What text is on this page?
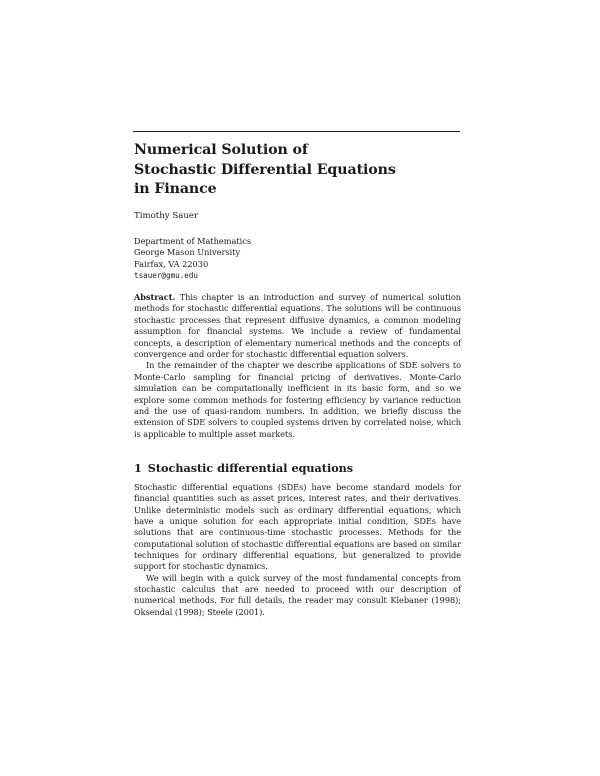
Numerical Solution of
Stochastic Differential Equations
in Finance
Timothy Sauer
Department of Mathematics
George Mason University
Fairfax, VA 22030
tsauer@gmu.edu

Abstract. This chapter is an introduction and survey of numerical solution methods for stochastic differential equations. The solutions will be continuous stochastic processes that represent diffusive dynamics, a common modeling assumption for financial systems. We include a review of fundamental concepts, a description of elementary numerical methods and the concepts of convergence and order for stochastic differential equation solvers.

In the remainder of the chapter we describe applications of SDE solvers to Monte-Carlo sampling for financial pricing of derivatives. Monte-Carlo simulation can be computationally inefficient in its basic form, and so we explore some common methods for fostering efficiency by variance reduction and the use of quasi-random numbers. In addition, we briefly discuss the extension of SDE solvers to coupled systems driven by correlated noise, which is applicable to multiple asset markets.

1 Stochastic differential equations

Stochastic differential equations (SDEs) have become standard models for financial quantities such as asset prices, interest rates, and their derivatives. Unlike deterministic models such as ordinary differential equations, which have a unique solution for each appropriate initial condition, SDEs have solutions that are continuous-time stochastic processes. Methods for the computational solution of stochastic differential equations are based on similar techniques for ordinary differential equations, but generalized to provide support for stochastic dynamics.

We will begin with a quick survey of the most fundamental concepts from stochastic calculus that are needed to proceed with our description of numerical methods. For full details, the reader may consult Klebaner (1998); Oksendal (1998); Steele (2001).
